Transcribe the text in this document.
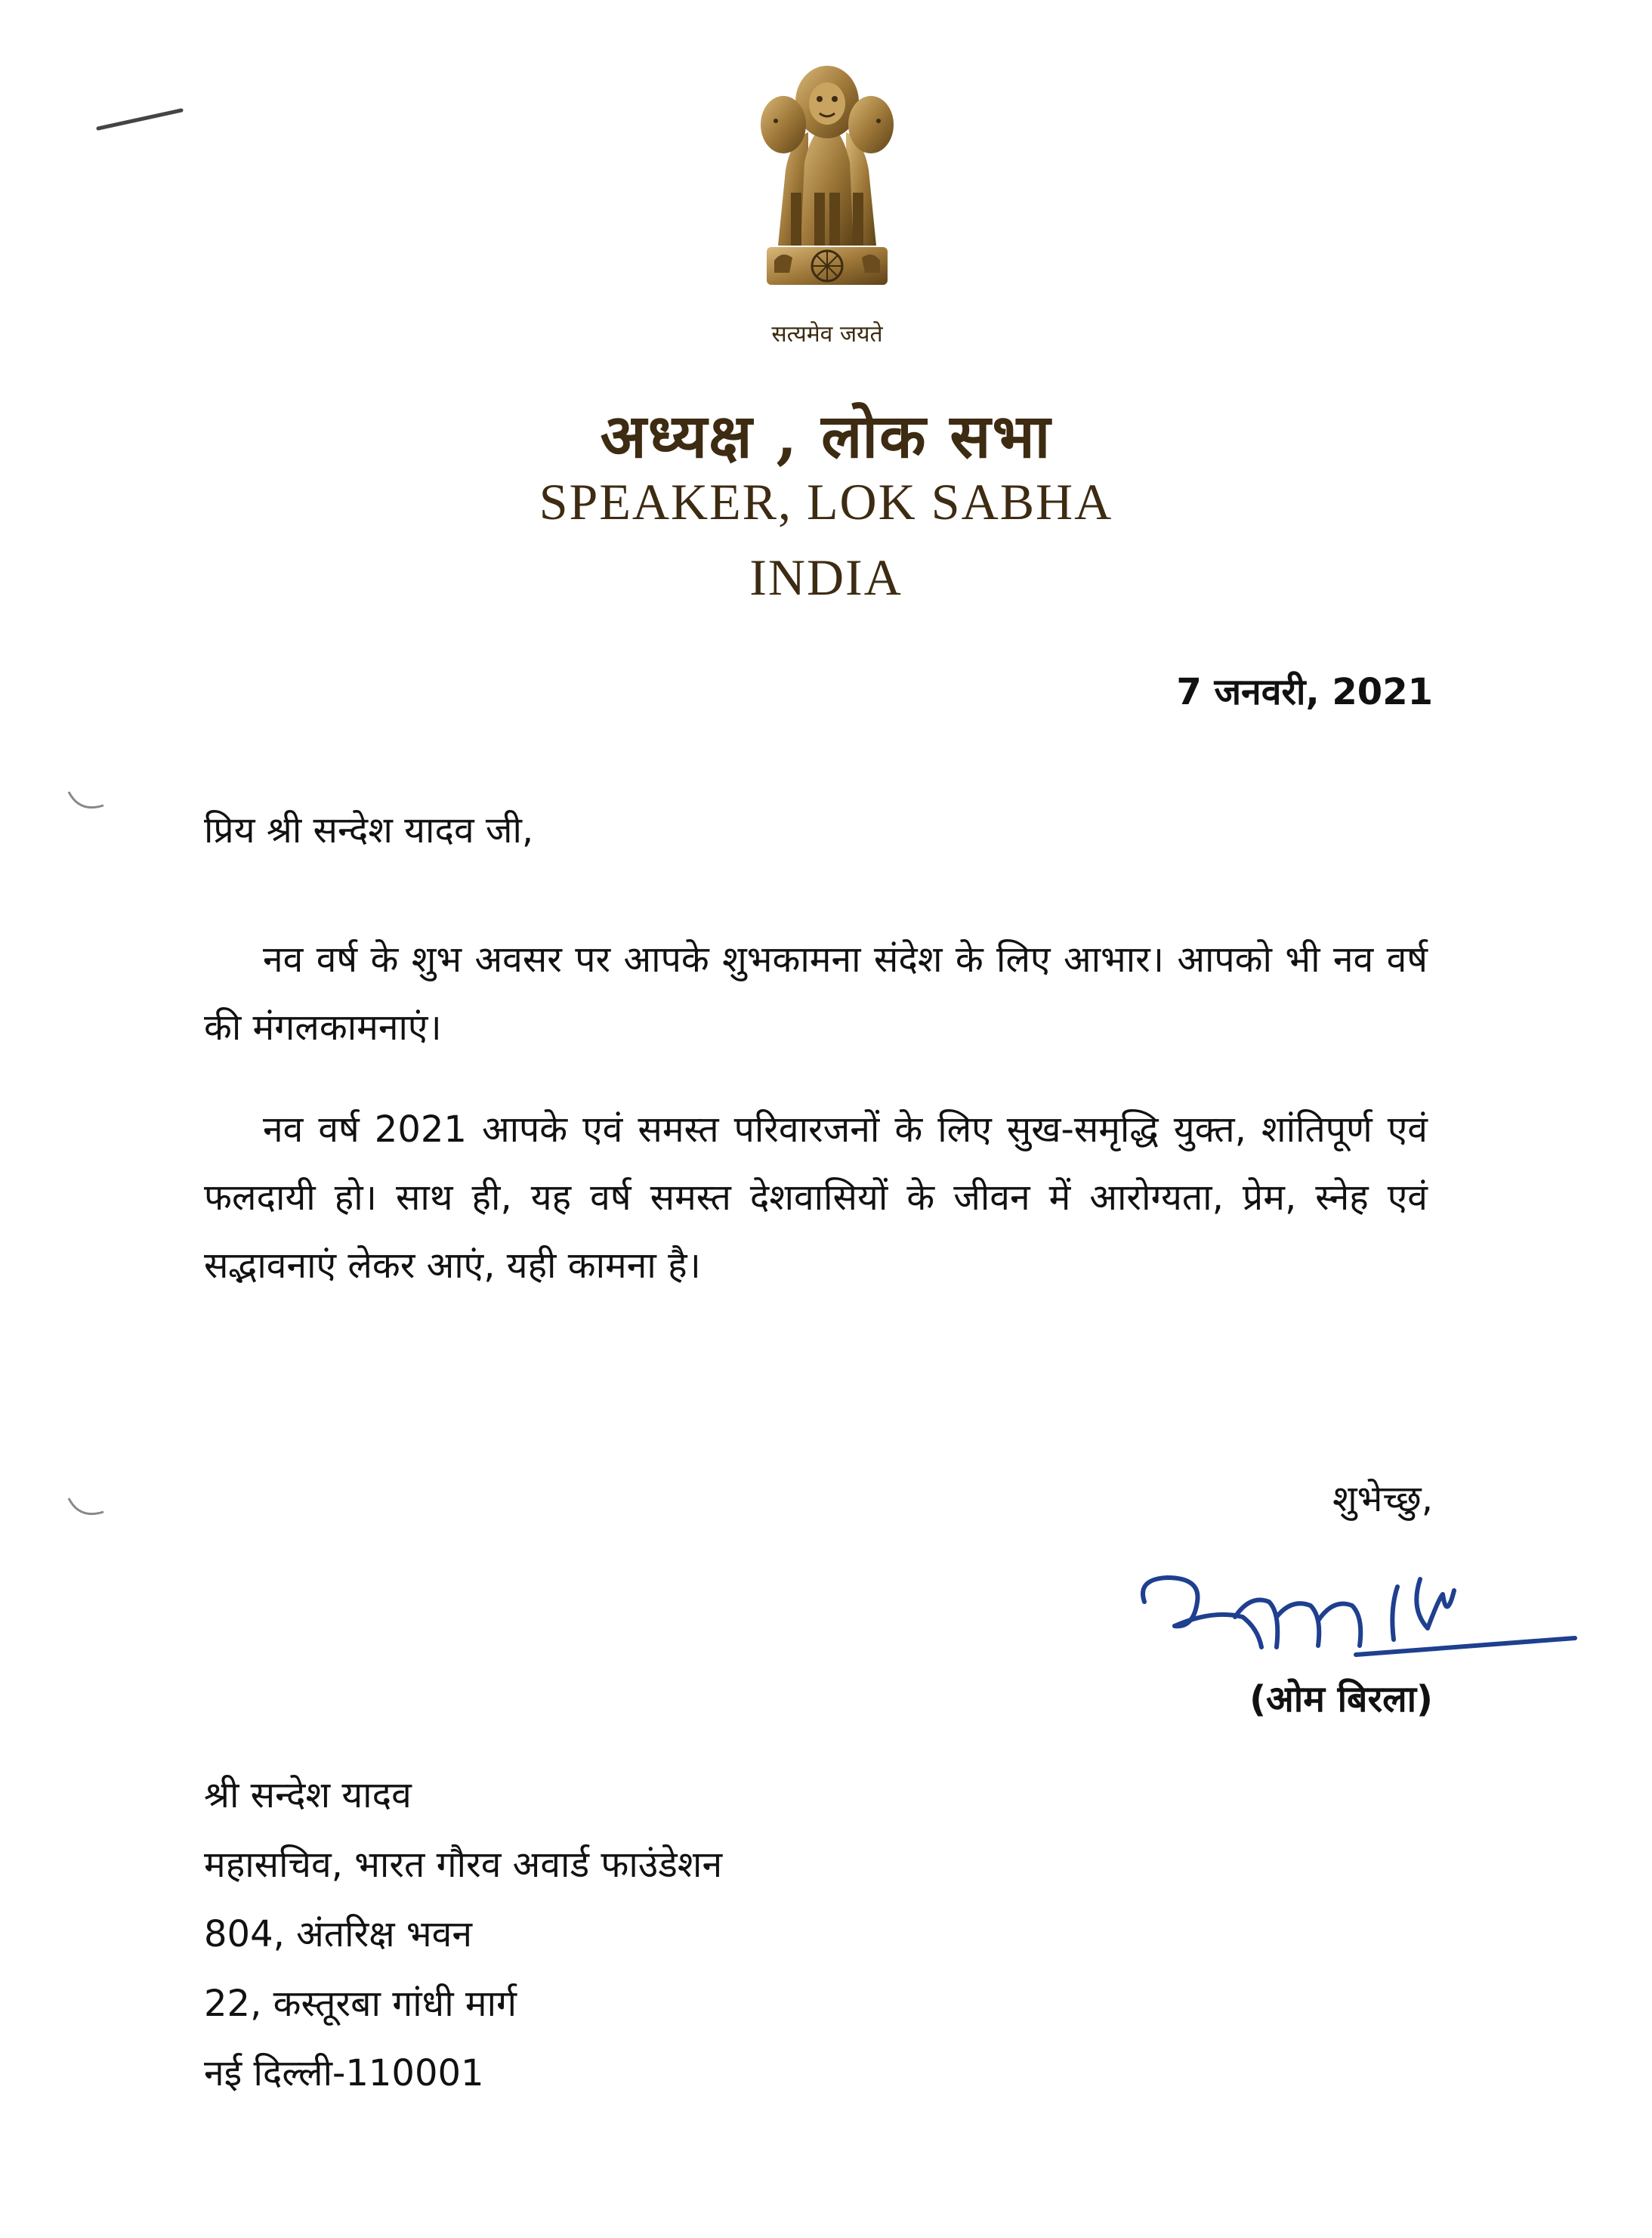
सत्यमेव जयते
अध्यक्ष , लोक सभा
SPEAKER, LOK SABHA
INDIA
7 जनवरी, 2021
प्रिय श्री सन्देश यादव जी,

नव वर्ष के शुभ अवसर पर आपके शुभकामना संदेश के लिए आभार। आपको भी नव वर्ष की मंगलकामनाएं।

नव वर्ष 2021 आपके एवं समस्त परिवारजनों के लिए सुख-समृद्धि युक्त, शांतिपूर्ण एवं फलदायी हो। साथ ही, यह वर्ष समस्त देशवासियों के जीवन में आरोग्यता, प्रेम, स्नेह एवं सद्भावनाएं लेकर आएं, यही कामना है।

शुभेच्छु,
(ओम बिरला)
श्री सन्देश यादव
महासचिव, भारत गौरव अवार्ड फाउंडेशन
804, अंतरिक्ष भवन
22, कस्तूरबा गांधी मार्ग
नई दिल्ली-110001
